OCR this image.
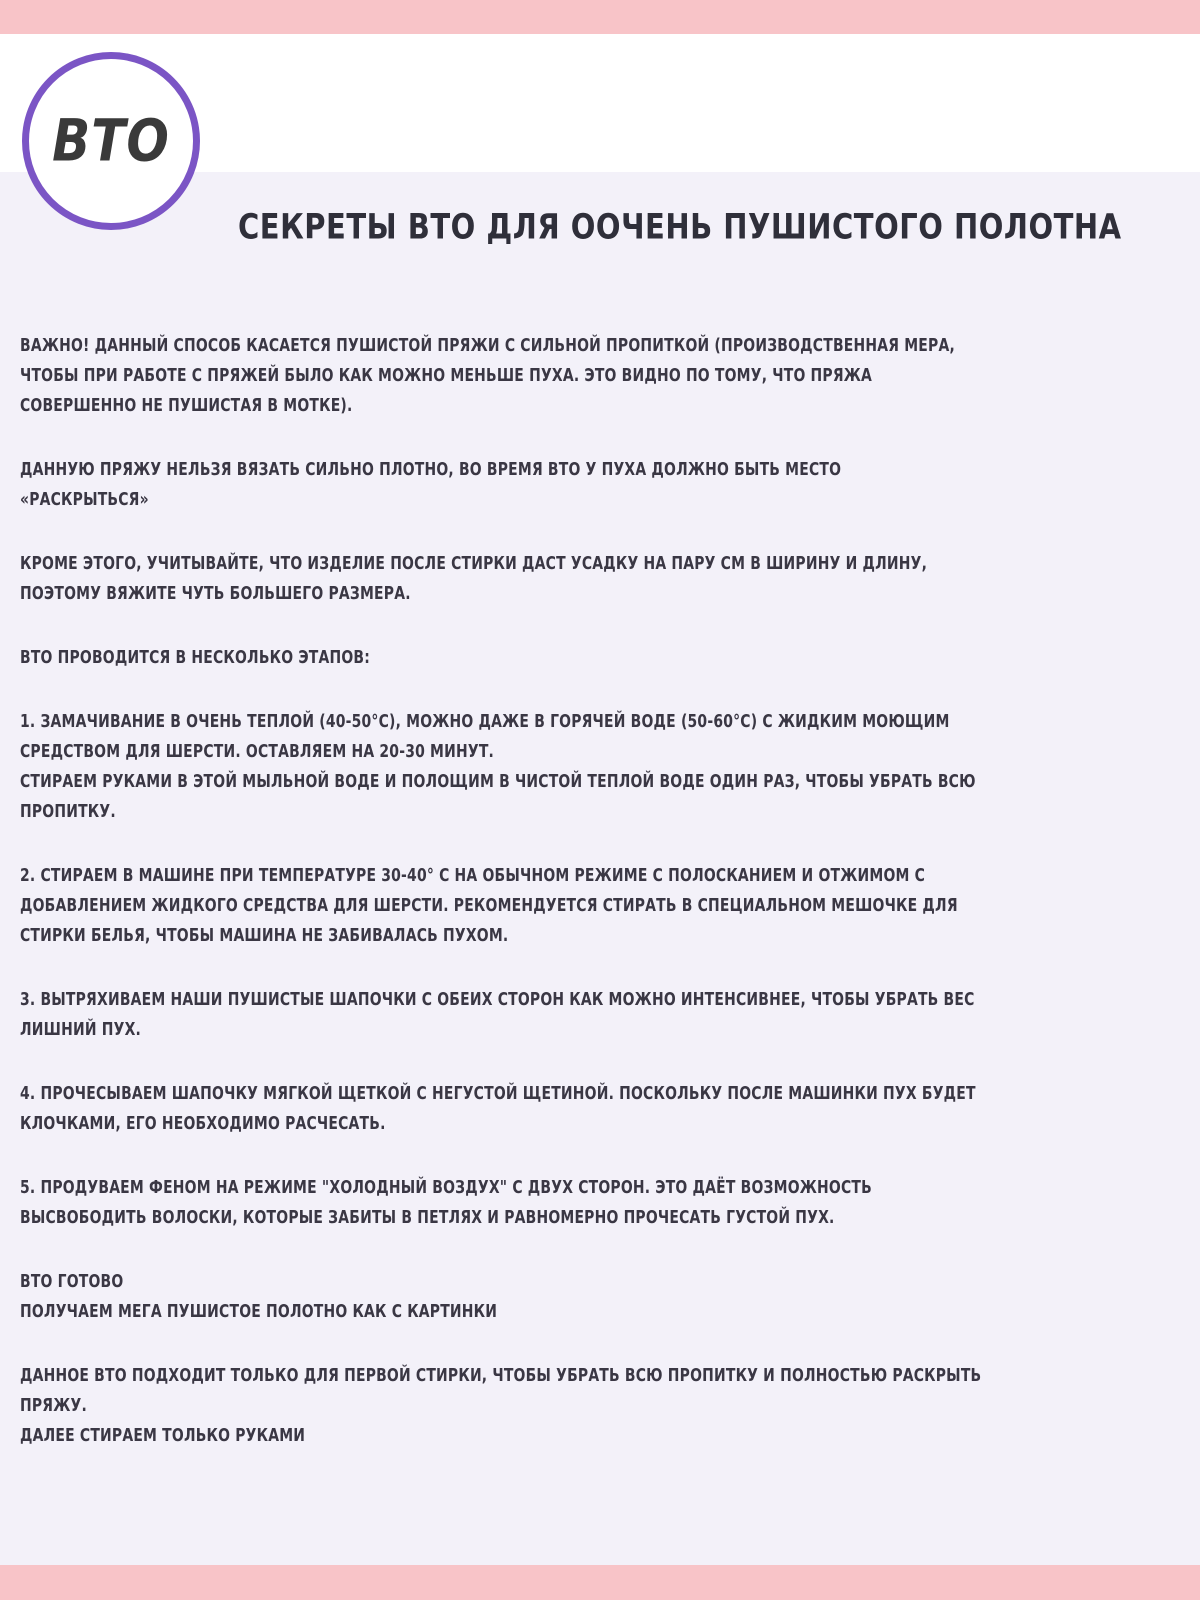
ВТО
СЕКРЕТЫ ВТО ДЛЯ ООЧЕНЬ ПУШИСТОГО ПОЛОТНА
ВАЖНО! ДАННЫЙ СПОСОБ КАСАЕТСЯ ПУШИСТОЙ ПРЯЖИ С СИЛЬНОЙ ПРОПИТКОЙ (ПРОИЗВОДСТВЕННАЯ МЕРА,
ЧТОБЫ ПРИ РАБОТЕ С ПРЯЖЕЙ БЫЛО КАК МОЖНО МЕНЬШЕ ПУХА. ЭТО ВИДНО ПО ТОМУ, ЧТО ПРЯЖА
СОВЕРШЕННО НЕ ПУШИСТАЯ В МОТКЕ).
ДАННУЮ ПРЯЖУ НЕЛЬЗЯ ВЯЗАТЬ СИЛЬНО ПЛОТНО, ВО ВРЕМЯ ВТО У ПУХА ДОЛЖНО БЫТЬ МЕСТО
«РАСКРЫТЬСЯ»
КРОМЕ ЭТОГО, УЧИТЫВАЙТЕ, ЧТО ИЗДЕЛИЕ ПОСЛЕ СТИРКИ ДАСТ УСАДКУ НА ПАРУ СМ В ШИРИНУ И ДЛИНУ,
ПОЭТОМУ ВЯЖИТЕ ЧУТЬ БОЛЬШЕГО РАЗМЕРА.
ВТО ПРОВОДИТСЯ В НЕСКОЛЬКО ЭТАПОВ:
1. ЗАМАЧИВАНИЕ В ОЧЕНЬ ТЕПЛОЙ (40-50°С), МОЖНО ДАЖЕ В ГОРЯЧЕЙ ВОДЕ (50-60°С) С ЖИДКИМ МОЮЩИМ
СРЕДСТВОМ ДЛЯ ШЕРСТИ. ОСТАВЛЯЕМ НА 20-30 МИНУТ.
СТИРАЕМ РУКАМИ В ЭТОЙ МЫЛЬНОЙ ВОДЕ И ПОЛОЩИМ В ЧИСТОЙ ТЕПЛОЙ ВОДЕ ОДИН РАЗ, ЧТОБЫ УБРАТЬ ВСЮ
ПРОПИТКУ.
2. СТИРАЕМ В МАШИНЕ ПРИ ТЕМПЕРАТУРЕ 30-40° С НА ОБЫЧНОМ РЕЖИМЕ С ПОЛОСКАНИЕМ И ОТЖИМОМ С
ДОБАВЛЕНИЕМ ЖИДКОГО СРЕДСТВА ДЛЯ ШЕРСТИ. РЕКОМЕНДУЕТСЯ СТИРАТЬ В СПЕЦИАЛЬНОМ МЕШОЧКЕ ДЛЯ
СТИРКИ БЕЛЬЯ, ЧТОБЫ МАШИНА НЕ ЗАБИВАЛАСЬ ПУХОМ.
3. ВЫТРЯХИВАЕМ НАШИ ПУШИСТЫЕ ШАПОЧКИ С ОБЕИХ СТОРОН КАК МОЖНО ИНТЕНСИВНЕЕ, ЧТОБЫ УБРАТЬ ВЕС
ЛИШНИЙ ПУХ.
4. ПРОЧЕСЫВАЕМ ШАПОЧКУ МЯГКОЙ ЩЕТКОЙ С НЕГУСТОЙ ЩЕТИНОЙ. ПОСКОЛЬКУ ПОСЛЕ МАШИНКИ ПУХ БУДЕТ
КЛОЧКАМИ, ЕГО НЕОБХОДИМО РАСЧЕСАТЬ.
5. ПРОДУВАЕМ ФЕНОМ НА РЕЖИМЕ "ХОЛОДНЫЙ ВОЗДУХ" С ДВУХ СТОРОН. ЭТО ДАЁТ ВОЗМОЖНОСТЬ
ВЫСВОБОДИТЬ ВОЛОСКИ, КОТОРЫЕ ЗАБИТЫ В ПЕТЛЯХ И РАВНОМЕРНО ПРОЧЕСАТЬ ГУСТОЙ ПУХ.
ВТО ГОТОВО
ПОЛУЧАЕМ МЕГА ПУШИСТОЕ ПОЛОТНО КАК С КАРТИНКИ
ДАННОЕ ВТО ПОДХОДИТ ТОЛЬКО ДЛЯ ПЕРВОЙ СТИРКИ, ЧТОБЫ УБРАТЬ ВСЮ ПРОПИТКУ И ПОЛНОСТЬЮ РАСКРЫТЬ
ПРЯЖУ.
ДАЛЕЕ СТИРАЕМ ТОЛЬКО РУКАМИ
